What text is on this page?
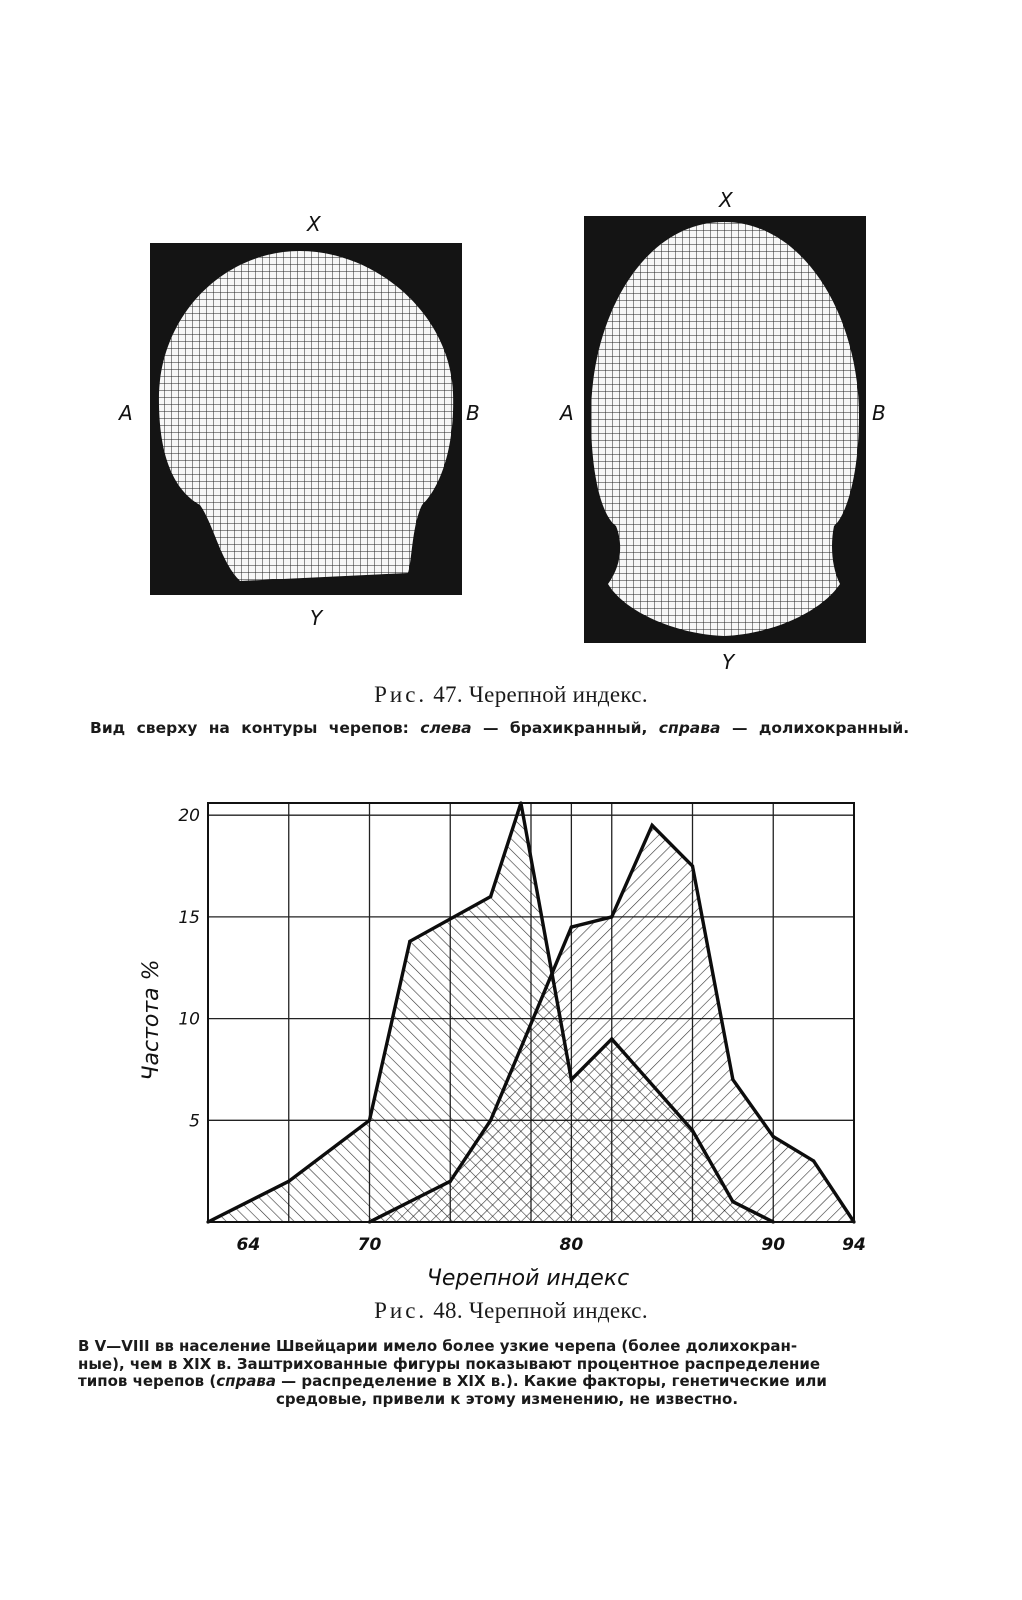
X
A	B
Y
X
A	B
Y
Рис. 47. Черепной индекс.
Вид сверху на контуры черепов: слева — брахикранный, справа — долихокранный.
64	70	80	90	94
5
10
15
20
Черепной индекс
Частота %
Рис. 48. Черепной индекс.
В V—VIII вв население Швейцарии имело более узкие черепа (более долихокран-
ные), чем в XIX в. Заштрихованные фигуры показывают процентное распределение
типов черепов (справа — распределение в XIX в.). Какие факторы, генетические или
средовые, привели к этому изменению, не известно.
